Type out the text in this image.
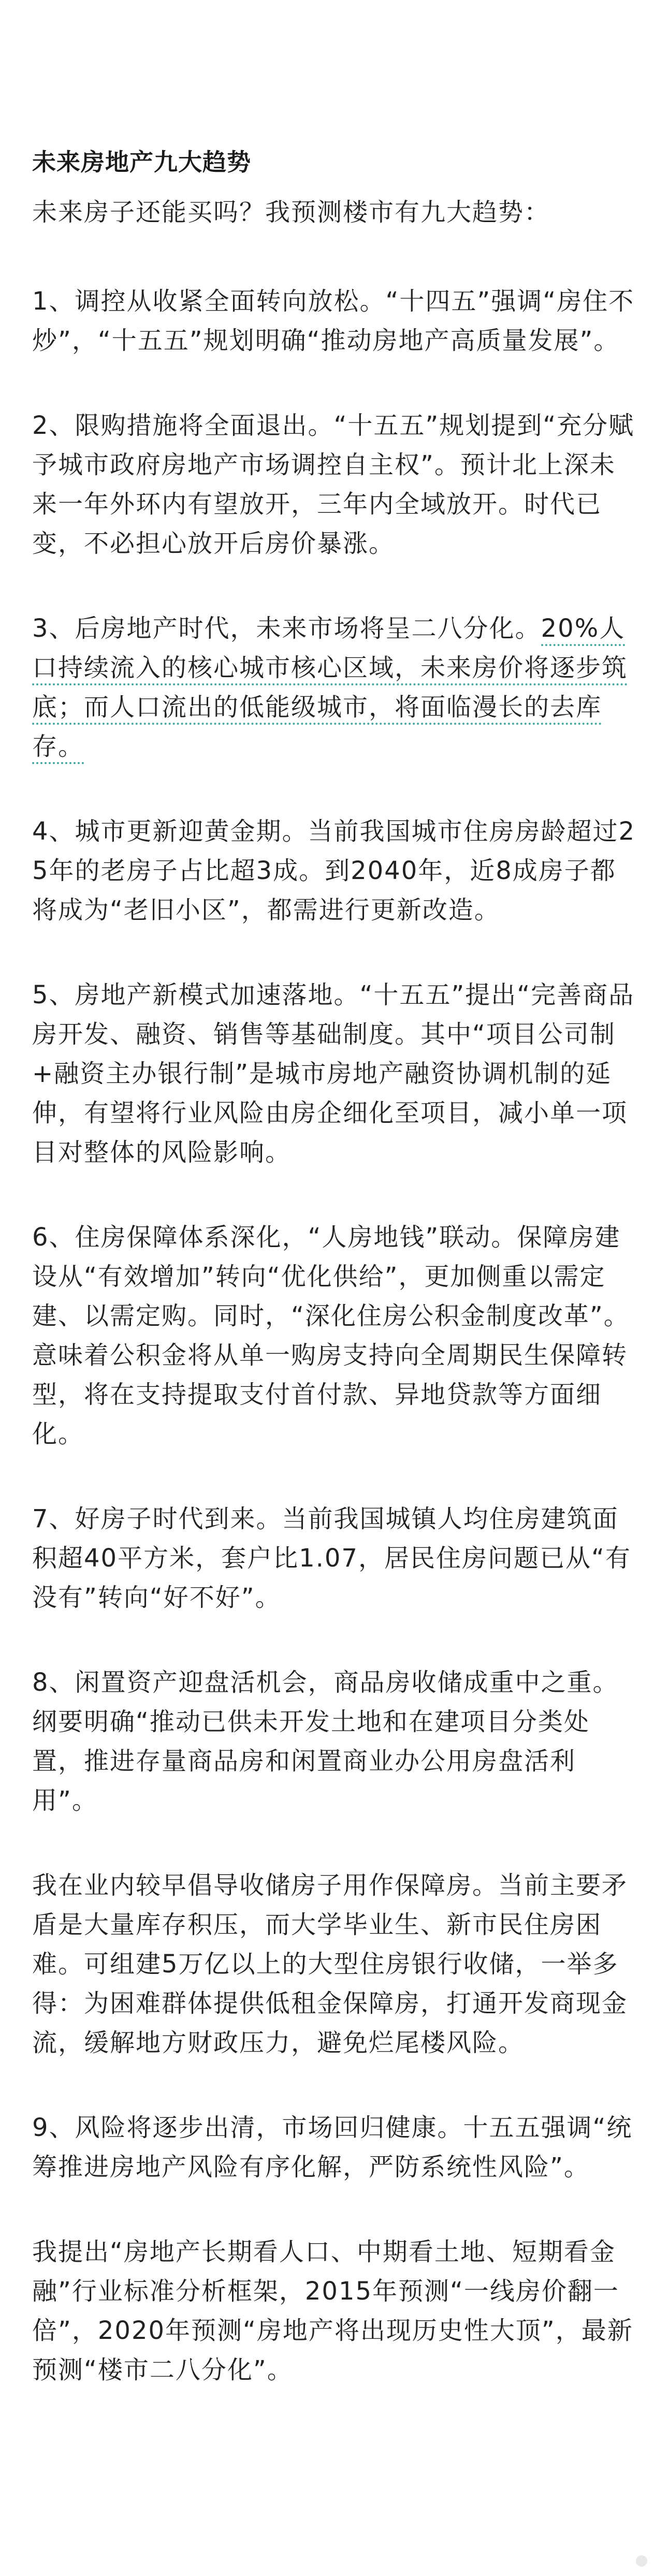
未来房地产九大趋势
未来房子还能买吗？我预测楼市有九大趋势：
1、调控从收紧全面转向放松。“十四五”强调“房住不炒”，“十五五”规划明确“推动房地产高质量发展”。
2、限购措施将全面退出。“十五五”规划提到“充分赋予城市政府房地产市场调控自主权”。预计北上深未来一年外环内有望放开，三年内全域放开。时代已变，不必担心放开后房价暴涨。
3、后房地产时代，未来市场将呈二八分化。20%人口持续流入的核心城市核心区域，未来房价将逐步筑底；而人口流出的低能级城市，将面临漫长的去库存。
4、城市更新迎黄金期。当前我国城市住房房龄超过25年的老房子占比超3成。到2040年，近8成房子都将成为“老旧小区”，都需进行更新改造。
5、房地产新模式加速落地。“十五五”提出“完善商品房开发、融资、销售等基础制度。其中“项目公司制+融资主办银行制”是城市房地产融资协调机制的延伸，有望将行业风险由房企细化至项目，减小单一项目对整体的风险影响。
6、住房保障体系深化，“人房地钱”联动。保障房建设从“有效增加”转向“优化供给”，更加侧重以需定建、以需定购。同时，“深化住房公积金制度改革”。意味着公积金将从单一购房支持向全周期民生保障转型，将在支持提取支付首付款、异地贷款等方面细化。
7、好房子时代到来。当前我国城镇人均住房建筑面积超40平方米，套户比1.07，居民住房问题已从“有没有”转向“好不好”。
8、闲置资产迎盘活机会，商品房收储成重中之重。纲要明确“推动已供未开发土地和在建项目分类处置，推进存量商品房和闲置商业办公用房盘活利用”。
我在业内较早倡导收储房子用作保障房。当前主要矛盾是大量库存积压，而大学毕业生、新市民住房困难。可组建5万亿以上的大型住房银行收储，一举多得：为困难群体提供低租金保障房，打通开发商现金流，缓解地方财政压力，避免烂尾楼风险。
9、风险将逐步出清，市场回归健康。十五五强调“统筹推进房地产风险有序化解，严防系统性风险”。
我提出“房地产长期看人口、中期看土地、短期看金融”行业标准分析框架，2015年预测“一线房价翻一倍”，2020年预测“房地产将出现历史性大顶”，最新预测“楼市二八分化”。
